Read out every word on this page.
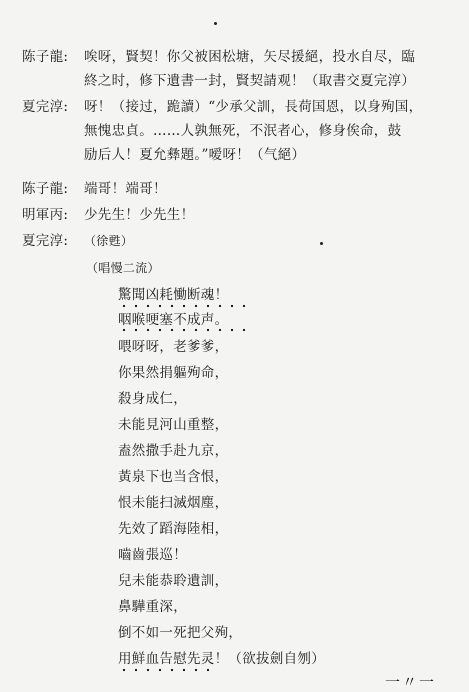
陈子龍: 唉呀，賢契！你父被困松塘，矢尽援絕，投水自尽，臨
終之时，修下遺書一封，賢契請观！（取書交夏完淳）
夏完淳: 呀！（接过，跪讀）“少承父訓，長荷国恩，以身殉国，
無愧忠貞。……人孰無死，不泯者心，修身俟命，鼓
励后人！夏允彝題。”嗳呀！（气絕）
陈子龍: 端哥！端哥！
明軍丙: 少先生！少先生！
夏完淳: （徐甦）
（唱慢二流）
驚聞凶耗慟断魂！
咽喉哽塞不成声。
喂呀呀，老爹爹，
你果然捐軀殉命，
殺身成仁，
未能見河山重整，
盍然撒手赴九京，
黃泉下也当含恨，
恨未能扫滅烟塵，
先效了蹈海陸相，
嚙齒張巡！
兒未能恭聆遺訓，
鼻驊重深，
倒不如一死把父殉，
用鮮血告慰先灵！（欲拔劍自刎）
一〃一
